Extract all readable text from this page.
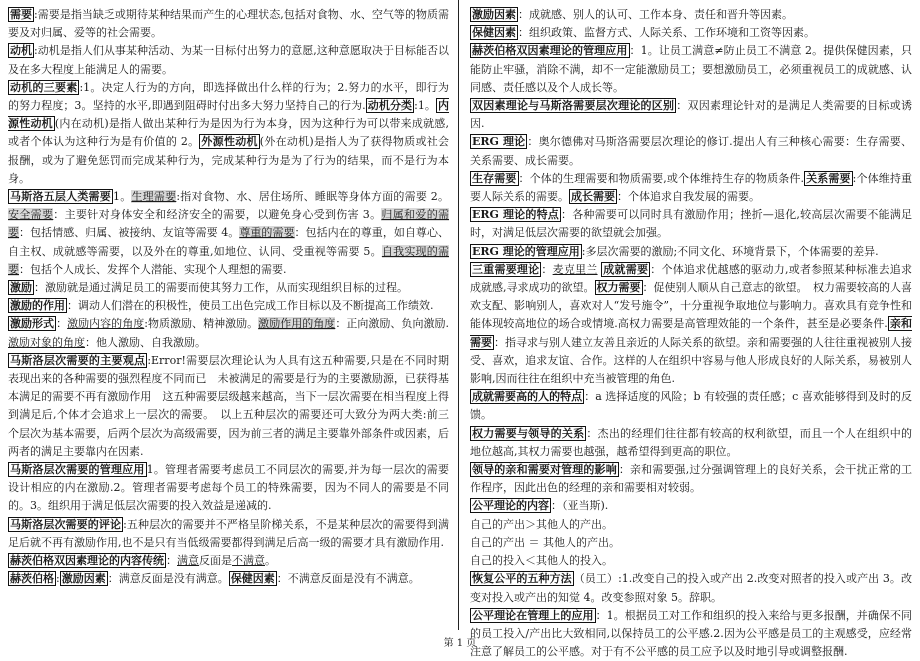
需要 :需要是指当缺乏或期待某种结果而产生的心理状态,包括对食物、水、空气等的物质需要及对归属、爱等的社会需要。

动机 :动机是指人们从事某种活动、为某一目标付出努力的意愿,这种意愿取决于目标能否以及在多大程度上能满足人的需要。

动机的三要素 :1。决定人行为的方向，即选择做出什么样的行为；2.努力的水平，即行为的努力程度；3。坚持的水平,即遇到阻碍时付出多大努力坚持自己的行为. 动机分类 :1。 内源性动机 (内在动机)是指人做出某种行为是因为行为本身，因为这种行为可以带来成就感,或者个体认为这种行为是有价值的 2。 外源性动机 (外在动机)是指人为了获得物质或社会报酬，或为了避免惩罚而完成某种行为，完成某种行为是为了行为的结果，而不是行为本身。

马斯洛五层人类需要 1。生理需要:指对食物、水、居住场所、睡眠等身体方面的需要 2。安全需要：主要针对身体安全和经济安全的需要，以避免身心受到伤害 3。归属和爱的需要：包括情感、归属、被接纳、友谊等需要 4。尊重的需要：包括内在的尊重，如自尊心、自主权、成就感等需要，以及外在的尊重,如地位、认同、受重视等需要 5。自我实现的需要：包括个人成长、发挥个人潜能、实现个人理想的需要.

激励 ：激励就是通过满足员工的需要而使其努力工作，从而实现组织目标的过程。

激励的作用 ：调动人们潜在的积极性，使员工出色完成工作目标以及不断提高工作绩效.

激励形式 ：激励内容的角度:物质激励、精神激励。激励作用的角度：正向激励、负向激励.激励对象的角度：他人激励、自我激励。

马斯洛层次需要的主要观点 :Error!需要层次理论认为人具有这五种需要,只是在不同时期表现出来的各种需要的强烈程度不同而已　未被满足的需要是行为的主要激励源，已获得基本满足的需要不再有激励作用　这五种需要层级越来越高，当下一层次需要在相当程度上得到满足后,个体才会追求上一层次的需要。　以上五种层次的需要还可大致分为两大类:前三个层次为基本需要，后两个层次为高级需要，因为前三者的满足主要靠外部条件或因素，后两者的满足主要靠内在因素.

马斯洛层次需要的管理应用 1。管理者需要考虑员工不同层次的需要,并为每一层次的需要设计相应的内在激励.2。管理者需要考虑每个员工的特殊需要，因为不同人的需要是不同的。3。组织用于满足低层次需要的投入效益是递减的.

马斯洛层次需要的评论 :五种层次的需要并不严格呈阶梯关系，不是某种层次的需要得到满足后就不再有激励作用,也不是只有当低级需要都得到满足后高一级的需要才具有激励作用.

赫茨伯格双因素理论的内容传统 ：满意反面是不满意。

赫茨伯格 : 激励因素 ：满意反面是没有满意。 保健因素 ：不满意反面是没有不满意。

激励因素 ：成就感、别人的认可、工作本身、责任和晋升等因素。

保健因素 ：组织政策、监督方式、人际关系、工作环境和工资等因素。

赫茨伯格双因素理论的管理应用 ：1。让员工满意≠防止员工不满意 2。提供保健因素，只能防止牢骚，消除不满，却不一定能激励员工；要想激励员工，必须重视员工的成就感、认同感、责任感以及个人成长等。

双因素理论与马斯洛需要层次理论的区别 ：双因素理论针对的是满足人类需要的目标或诱因.

ERG 理论 ：奥尔德佛对马斯洛需要层次理论的修订.提出人有三种核心需要：生存需要、关系需要、成长需要。

生存需要 ：个体的生理需要和物质需要,或个体维持生存的物质条件. 关系需要 :个体维持重要人际关系的需要。 成长需要 ：个体追求自我发展的需要。

ERG 理论的特点 ：各种需要可以同时具有激励作用；挫折—退化,较高层次需要不能满足时，对满足低层次需要的欲望就会加强。

ERG 理论的管理应用 :多层次需要的激励;不同文化、环境背景下，个体需要的差异.

三重需要理论 ：麦克里兰 成就需要 ：个体追求优越感的驱动力,或者参照某种标准去追求成就感,寻求成功的欲望。 权力需要 ：促使别人顺从自己意志的欲望。　权力需要较高的人喜欢支配、影响别人，喜欢对人“发号施令”，十分重视争取地位与影响力。喜欢具有竞争性和能体现较高地位的场合或情境.高权力需要是高管理效能的一个条件，甚至是必要条件. 亲和需要 ：指寻求与别人建立友善且亲近的人际关系的欲望。亲和需要强的人往往重视被别人接受、喜欢，追求友谊、合作。这样的人在组织中容易与他人形成良好的人际关系，易被别人影响,因而往往在组织中充当被管理的角色.

成就需要高的人的特点 ：a 选择适度的风险；b 有较强的责任感；c 喜欢能够得到及时的反馈。

权力需要与领导的关系 ：杰出的经理们往往都有较高的权利欲望，而且一个人在组织中的地位越高,其权力需要也越强，越希望得到更高的职位。

领导的亲和需要对管理的影响 ：亲和需要强,过分强调管理上的良好关系，会干扰正常的工作程序，因此出色的经理的亲和需要相对较弱。

公平理论的内容 ：（亚当斯).

自己的产出＞其他人的产出。

自己的产出 ＝ 其他人的产出。

自己的投入＜其他人的投入。

恢复公平的五种方法 （员工）:1.改变自己的投入或产出 2.改变对照者的投入或产出 3。改变对投入或产出的知觉 4。改变参照对象 5。辞职。

公平理论在管理上的应用 ：1。根据员工对工作和组织的投入来给与更多报酬，并确保不同的员工投入/产出比大致相同,以保持员工的公平感.2.因为公平感是员工的主观感受，应经常注意了解员工的公平感。对于有不公平感的员工应予以及时地引导或调整报酬.

第 1 页
